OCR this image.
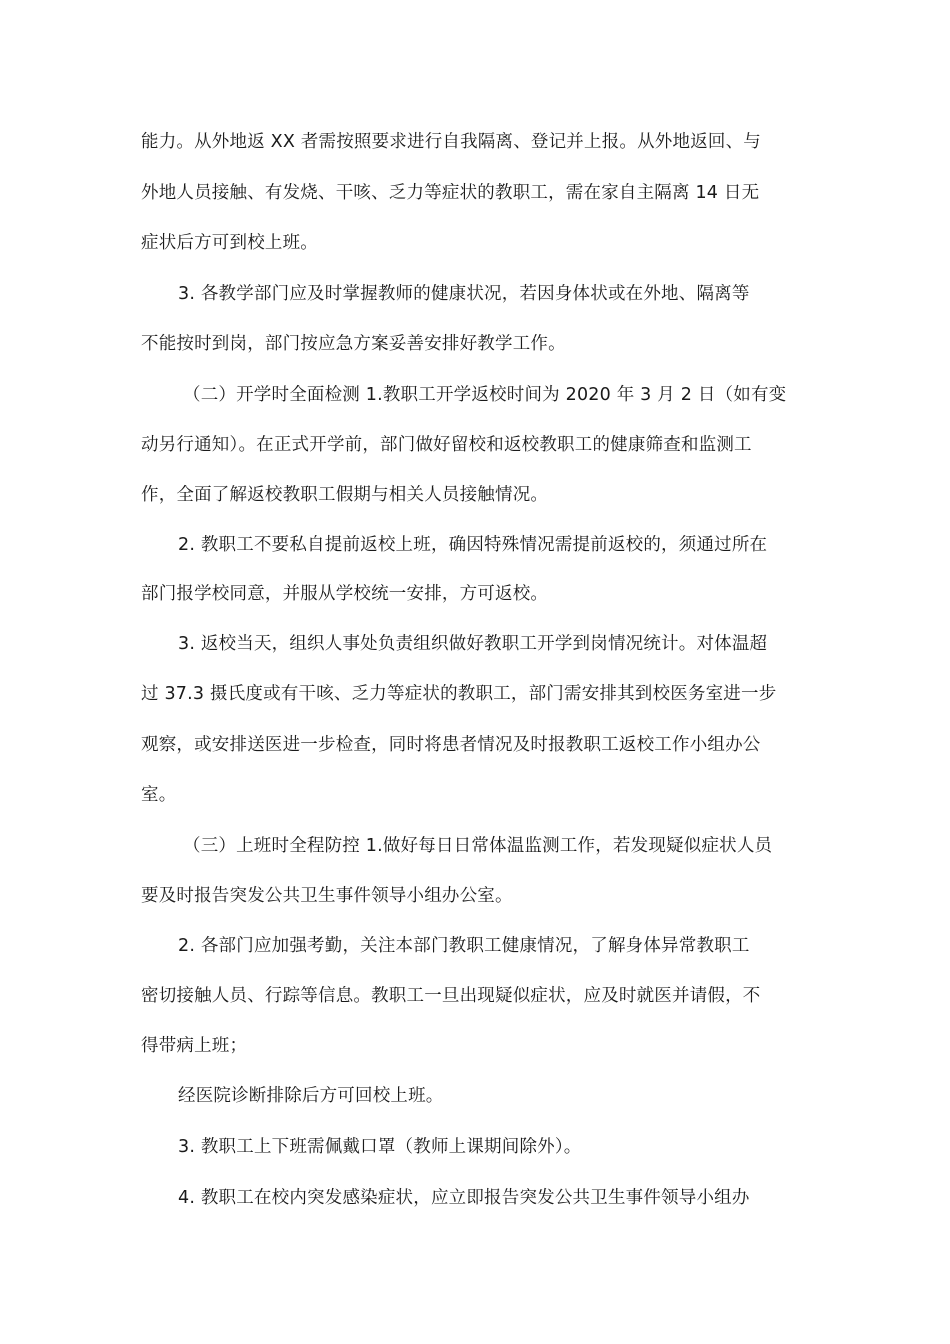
能力。从外地返 XX 者需按照要求进行自我隔离、登记并上报。从外地返回、与
外地人员接触、有发烧、干咳、乏力等症状的教职工，需在家自主隔离 14 日无
症状后方可到校上班。
3. 各教学部门应及时掌握教师的健康状况，若因身体状或在外地、隔离等
不能按时到岗，部门按应急方案妥善安排好教学工作。
（二）开学时全面检测 1.教职工开学返校时间为 2020 年 3 月 2 日（如有变
动另行通知）。在正式开学前，部门做好留校和返校教职工的健康筛查和监测工
作，全面了解返校教职工假期与相关人员接触情况。
2. 教职工不要私自提前返校上班，确因特殊情况需提前返校的，须通过所在
部门报学校同意，并服从学校统一安排，方可返校。
3. 返校当天，组织人事处负责组织做好教职工开学到岗情况统计。对体温超
过 37.3 摄氏度或有干咳、乏力等症状的教职工，部门需安排其到校医务室进一步
观察，或安排送医进一步检查，同时将患者情况及时报教职工返校工作小组办公
室。
（三）上班时全程防控 1.做好每日日常体温监测工作，若发现疑似症状人员
要及时报告突发公共卫生事件领导小组办公室。
2. 各部门应加强考勤，关注本部门教职工健康情况，了解身体异常教职工
密切接触人员、行踪等信息。教职工一旦出现疑似症状，应及时就医并请假，不
得带病上班；
经医院诊断排除后方可回校上班。
3. 教职工上下班需佩戴口罩（教师上课期间除外）。
4. 教职工在校内突发感染症状，应立即报告突发公共卫生事件领导小组办
